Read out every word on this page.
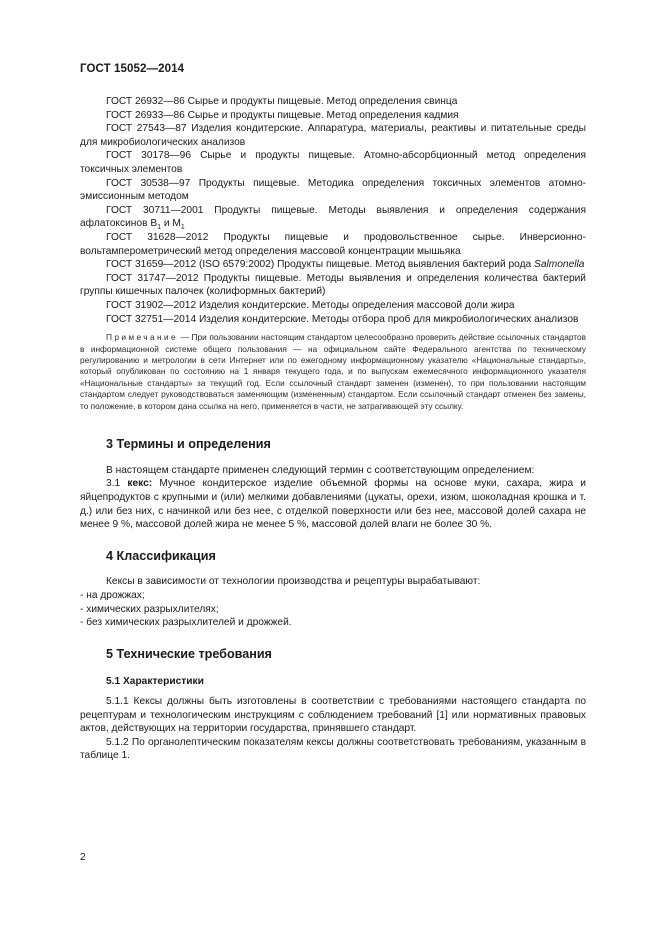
ГОСТ 15052—2014

ГОСТ 26932—86 Сырье и продукты пищевые. Метод определения свинца

ГОСТ 26933—86 Сырье и продукты пищевые. Метод определения кадмия

ГОСТ 27543—87 Изделия кондитерские. Аппаратура, материалы, реактивы и питательные среды для микробиологических анализов

ГОСТ 30178—96 Сырье и продукты пищевые. Атомно-абсорбционный метод определения токсичных элементов

ГОСТ 30538—97 Продукты пищевые. Методика определения токсичных элементов атомно-эмиссионным методом

ГОСТ 30711—2001 Продукты пищевые. Методы выявления и определения содержания афлатоксинов $B_1$ и $M_1$

ГОСТ 31628—2012 Продукты пищевые и продовольственное сырье. Инверсионно-вольтамперометрический метод определения массовой концентрации мышьяка

ГОСТ 31659—2012 (ISO 6579:2002) Продукты пищевые. Метод выявления бактерий рода Salmonella

ГОСТ 31747—2012 Продукты пищевые. Методы выявления и определения количества бактерий группы кишечных палочек (колиформных бактерий)

ГОСТ 31902—2012 Изделия кондитерские. Методы определения массовой доли жира

ГОСТ 32751—2014 Изделия кондитерские. Методы отбора проб для микробиологических анализов

Примечание — При пользовании настоящим стандартом целесообразно проверить действие ссылочных стандартов в информационной системе общего пользования — на официальном сайте Федерального агентства по техническому регулированию и метрологии в сети Интернет или по ежегодному информационному указателю «Национальные стандарты», который опубликован по состоянию на 1 января текущего года, и по выпускам ежемесячного информационного указателя «Национальные стандарты» за текущий год. Если ссылочный стандарт заменен (изменен), то при пользовании настоящим стандартом следует руководствоваться заменяющим (измененным) стандартом. Если ссылочный стандарт отменен без замены, то положение, в котором дана ссылка на него, применяется в части, не затрагивающей эту ссылку.

3 Термины и определения

В настоящем стандарте применен следующий термин с соответствующим определением:

3.1 кекс: Мучное кондитерское изделие объемной формы на основе муки, сахара, жира и яйцепродуктов с крупными и (или) мелкими добавлениями (цукаты, орехи, изюм, шоколадная крошка и т. д.) или без них, с начинкой или без нее, с отделкой поверхности или без нее, массовой долей сахара не менее 9 %, массовой долей жира не менее 5 %, массовой долей влаги не более 30 %.

4 Классификация

Кексы в зависимости от технологии производства и рецептуры вырабатывают:

- на дрожжах;

- химических разрыхлителях;

- без химических разрыхлителей и дрожжей.

5 Технические требования
5.1 Характеристики

5.1.1 Кексы должны быть изготовлены в соответствии с требованиями настоящего стандарта по рецептурам и технологическим инструкциям с соблюдением требований [1] или нормативных правовых актов, действующих на территории государства, принявшего стандарт.

5.1.2 По органолептическим показателям кексы должны соответствовать требованиям, указанным в таблице 1.

2
